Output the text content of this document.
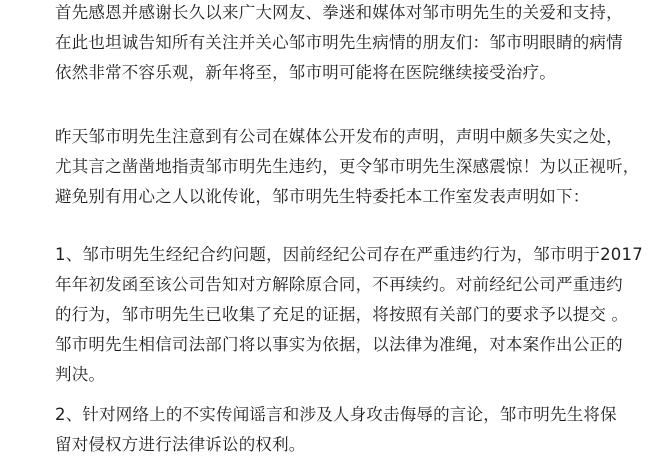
首先感恩并感谢长久以来广大网友、拳迷和媒体对邹市明先生的关爱和支持，
在此也坦诚告知所有关注并关心邹市明先生病情的朋友们：邹市明眼睛的病情
依然非常不容乐观，新年将至，邹市明可能将在医院继续接受治疗。
昨天邹市明先生注意到有公司在媒体公开发布的声明，声明中颇多失实之处，
尤其言之凿凿地指责邹市明先生违约，更令邹市明先生深感震惊！为以正视听，
避免别有用心之人以讹传讹，邹市明先生特委托本工作室发表声明如下：
1、邹市明先生经纪合约问题，因前经纪公司存在严重违约行为，邹市明于2017
年年初发函至该公司告知对方解除原合同，不再续约。对前经纪公司严重违约
的行为，邹市明先生已收集了充足的证据，将按照有关部门的要求予以提交 。
邹市明先生相信司法部门将以事实为依据，以法律为准绳，对本案作出公正的
判决。
2、针对网络上的不实传闻谣言和涉及人身攻击侮辱的言论，邹市明先生将保
留对侵权方进行法律诉讼的权利。
